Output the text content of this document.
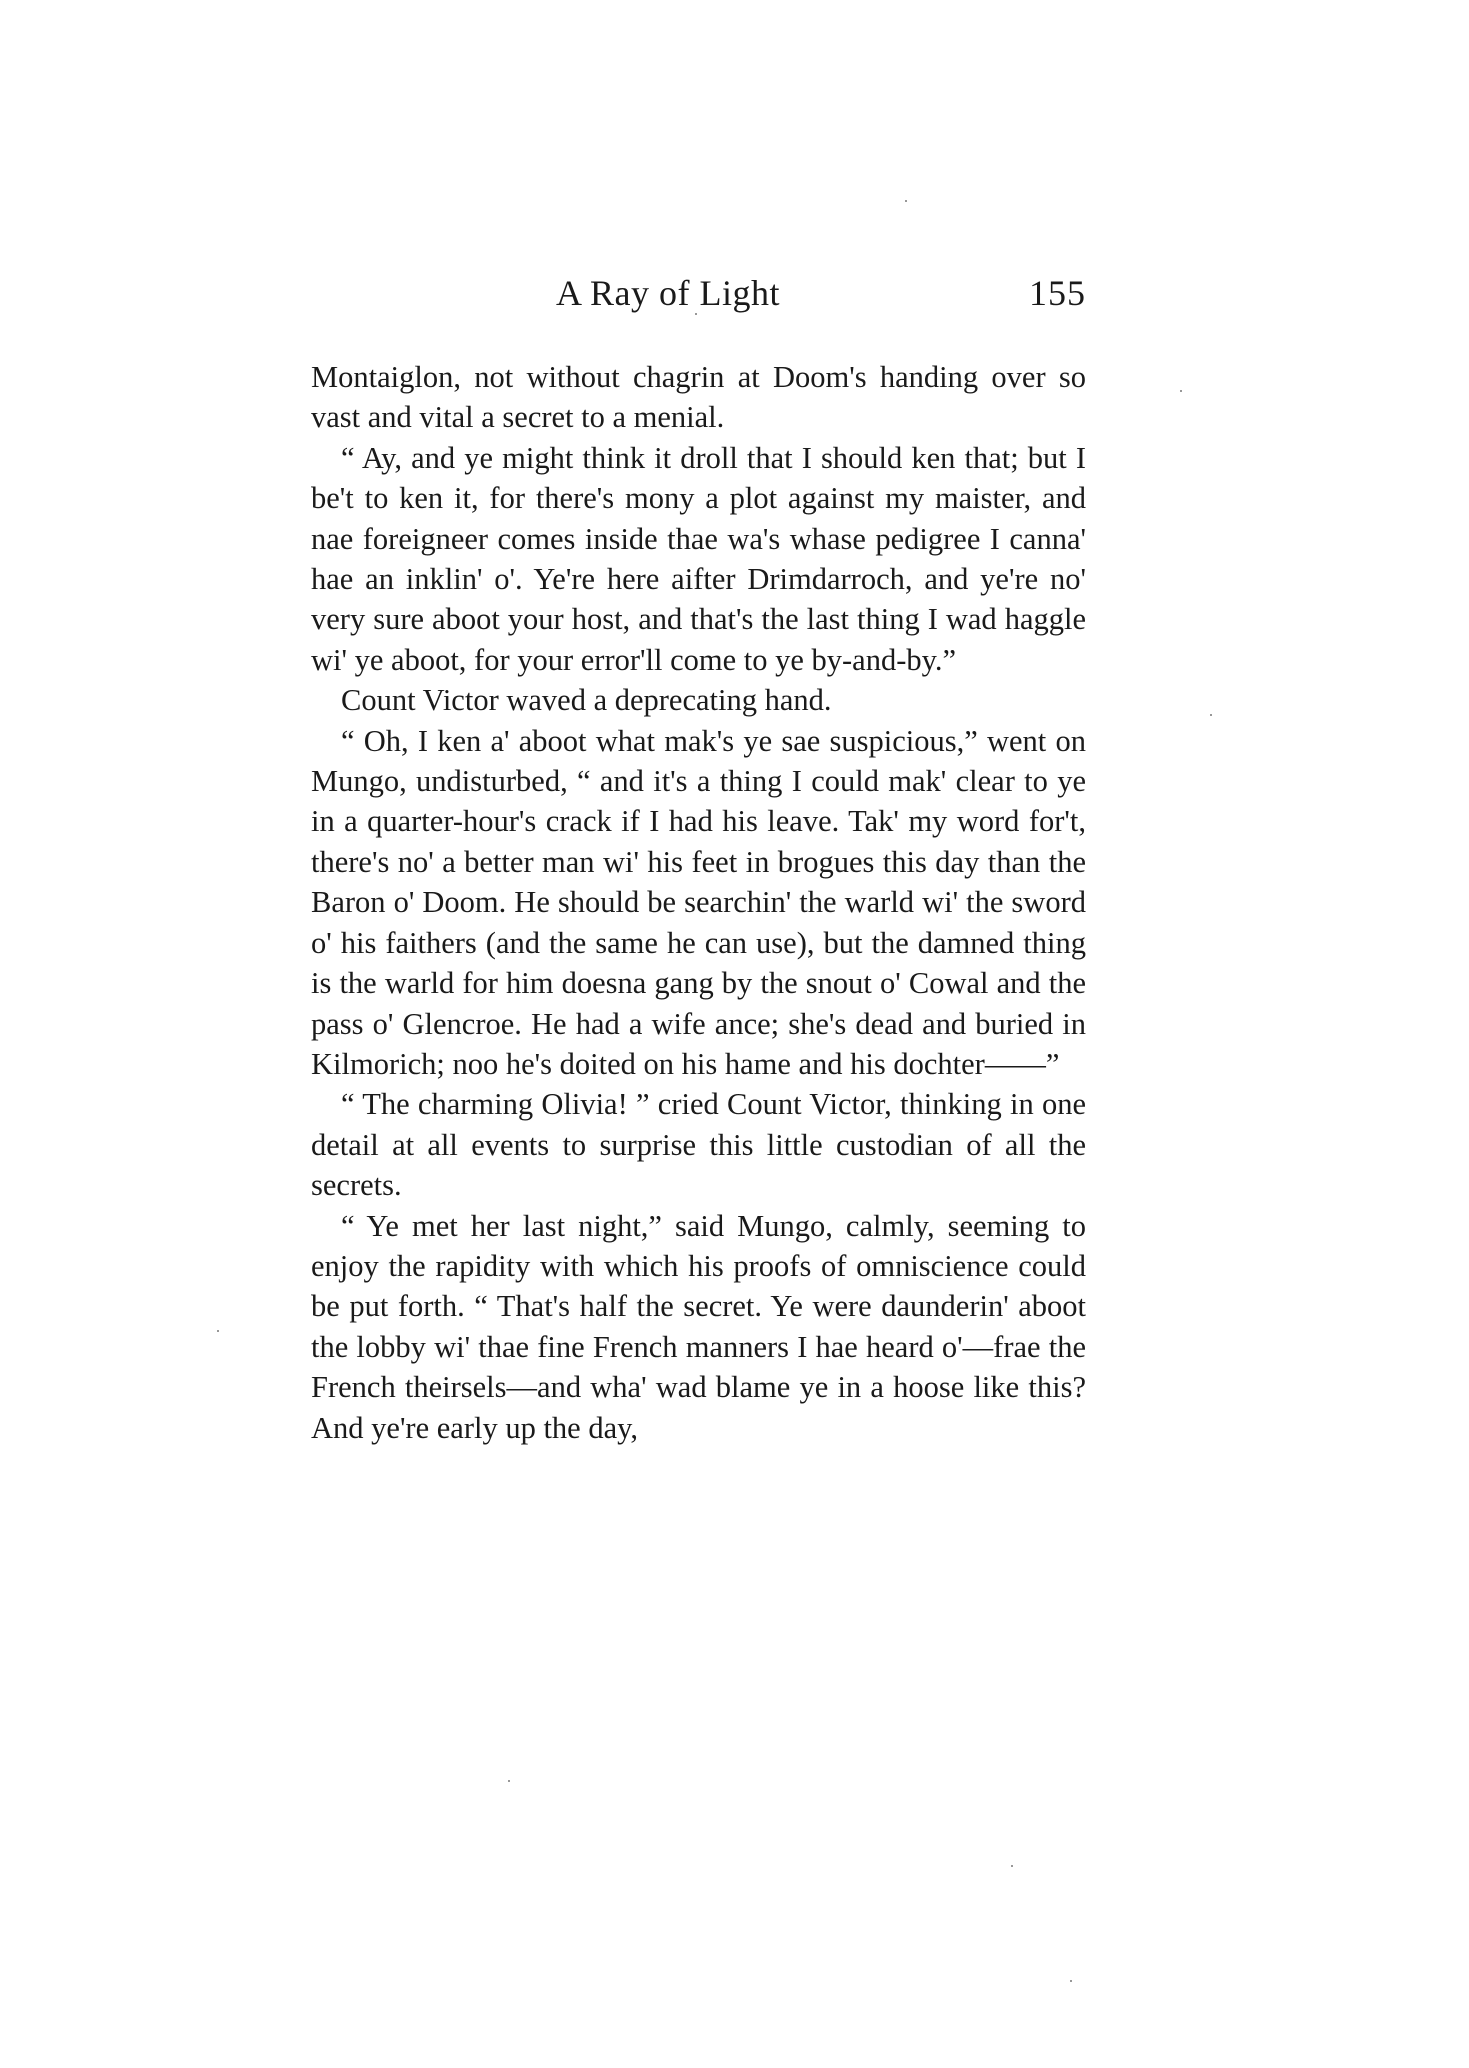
A Ray of Light	155

Montaiglon, not without chagrin at Doom's handing over so vast and vital a secret to a menial.

“ Ay, and ye might think it droll that I should ken that; but I be't to ken it, for there's mony a plot against my maister, and nae foreigneer comes inside thae wa's whase pedigree I canna' hae an inklin' o'. Ye're here aifter Drimdarroch, and ye're no' very sure aboot your host, and that's the last thing I wad haggle wi' ye aboot, for your error'll come to ye by-and-by.”

Count Victor waved a deprecating hand.

“ Oh, I ken a' aboot what mak's ye sae suspicious,” went on Mungo, undisturbed, “ and it's a thing I could mak' clear to ye in a quarter-hour's crack if I had his leave. Tak' my word for't, there's no' a better man wi' his feet in brogues this day than the Baron o' Doom. He should be searchin' the warld wi' the sword o' his faithers (and the same he can use), but the damned thing is the warld for him doesna gang by the snout o' Cowal and the pass o' Glencroe. He had a wife ance; she's dead and buried in Kilmorich; noo he's doited on his hame and his dochter——”

“ The charming Olivia! ” cried Count Victor, thinking in one detail at all events to surprise this little custodian of all the secrets.

“ Ye met her last night,” said Mungo, calmly, seeming to enjoy the rapidity with which his proofs of omniscience could be put forth. “ That's half the secret. Ye were daunderin' aboot the lobby wi' thae fine French manners I hae heard o'—frae the French theirsels—and wha' wad blame ye in a hoose like this? And ye're early up the day,
